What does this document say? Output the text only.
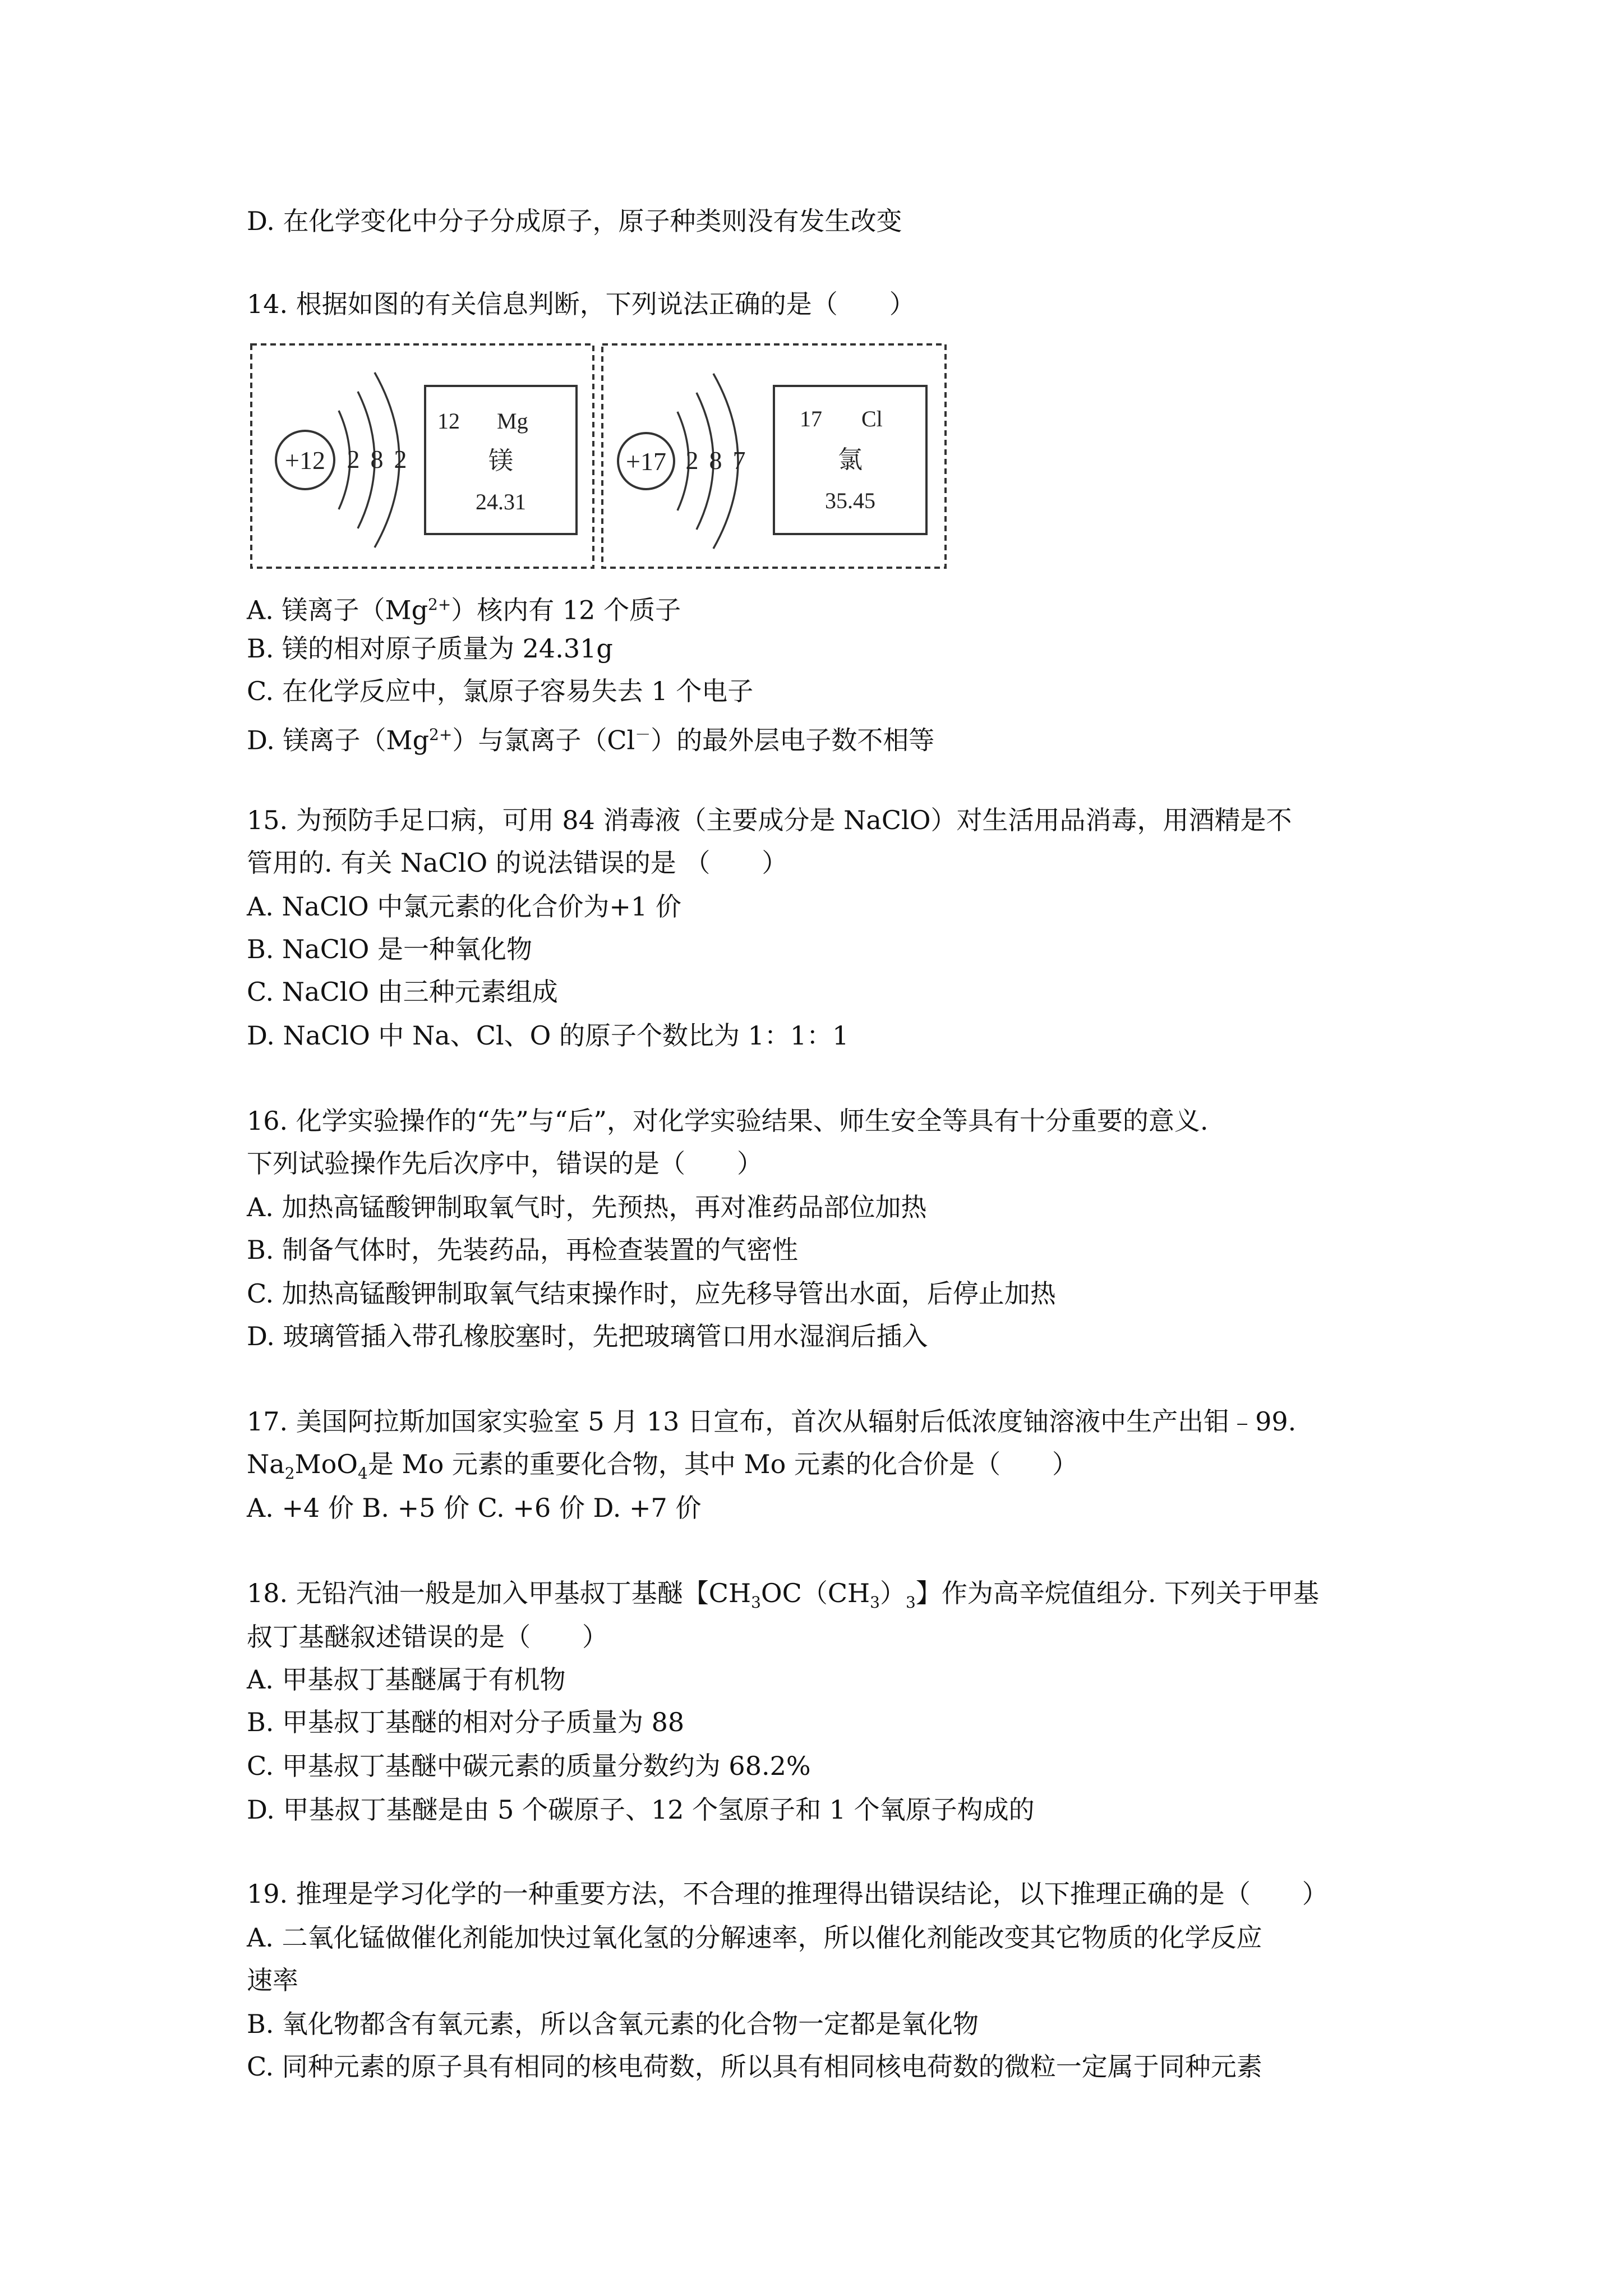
D. 在化学变化中分子分成原子，原子种类则没有发生改变
14. 根据如图的有关信息判断，下列说法正确的是（　　）
+12 2 8 2
12 Mg
镁
24.31
+17 2 8 7
17 Cl
氯
35.45
A. 镁离子$(Mg^{2+})$核内有 12 个质子
B. 镁的相对原子质量为 24.31g
C. 在化学反应中，氯原子容易失去 1 个电子
D. 镁离子$(Mg^{2+})$与氯离子（Cl－）的最外层电子数不相等
15. 为预防手足口病，可用 84 消毒液（主要成分是 NaClO）对生活用品消毒，用酒精是不
管用的. 有关 NaClO 的说法错误的是 （　　）
A. NaClO 中氯元素的化合价为+1 价
B. NaClO 是一种氧化物
C. NaClO 由三种元素组成
D. NaClO 中 Na、Cl、O 的原子个数比为 1：1：1
16. 化学实验操作的“先”与“后”，对化学实验结果、师生安全等具有十分重要的意义.
下列试验操作先后次序中，错误的是（　　）
A. 加热高锰酸钾制取氧气时，先预热，再对准药品部位加热
B. 制备气体时，先装药品，再检查装置的气密性
C. 加热高锰酸钾制取氧气结束操作时，应先移导管出水面，后停止加热
D. 玻璃管插入带孔橡胶塞时，先把玻璃管口用水湿润后插入
17. 美国阿拉斯加国家实验室 5 月 13 日宣布，首次从辐射后低浓度铀溶液中生产出钼﹣99.
$Na_2MoO_4$是 Mo 元素的重要化合物，其中 Mo 元素的化合价是（　　）
A. +4 价 B. +5 价 C. +6 价 D. +7 价
18. 无铅汽油一般是加入甲基叔丁基醚【$CH_3OC(CH_3)_3$】作为高辛烷值组分. 下列关于甲基
叔丁基醚叙述错误的是（　　）
A. 甲基叔丁基醚属于有机物
B. 甲基叔丁基醚的相对分子质量为 88
C. 甲基叔丁基醚中碳元素的质量分数约为 68.2%
D. 甲基叔丁基醚是由 5 个碳原子、12 个氢原子和 1 个氧原子构成的
19. 推理是学习化学的一种重要方法，不合理的推理得出错误结论，以下推理正确的是（　　）
A. 二氧化锰做催化剂能加快过氧化氢的分解速率，所以催化剂能改变其它物质的化学反应
速率
B. 氧化物都含有氧元素，所以含氧元素的化合物一定都是氧化物
C. 同种元素的原子具有相同的核电荷数，所以具有相同核电荷数的微粒一定属于同种元素
